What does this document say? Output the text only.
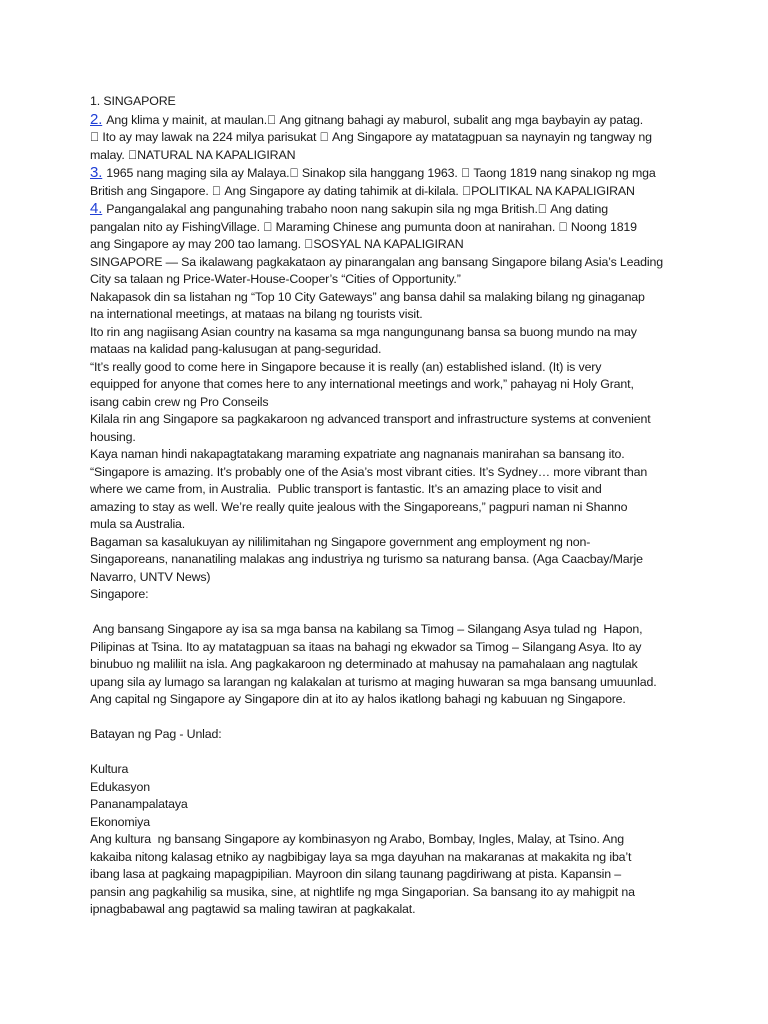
1. SINGAPORE
2. Ang klima y mainit, at maulan.  Ang gitnang bahagi ay maburol, subalit ang mga baybayin ay patag.
Ito ay may lawak na 224 milya parisukat   Ang Singapore ay matatagpuan sa naynayin ng tangway ng
malay.  NATURAL NA KAPALIGIRAN
3. 1965 nang maging sila ay Malaya.  Sinakop sila hanggang 1963.   Taong 1819 nang sinakop ng mga
British ang Singapore.   Ang Singapore ay dating tahimik at di-kilala.  POLITIKAL NA KAPALIGIRAN
4. Pangangalakal ang pangunahing trabaho noon nang sakupin sila ng mga British.  Ang dating
pangalan nito ay FishingVillage.   Maraming Chinese ang pumunta doon at nanirahan.   Noong 1819
ang Singapore ay may 200 tao lamang.  SOSYAL NA KAPALIGIRAN
SINGAPORE — Sa ikalawang pagkakataon ay pinarangalan ang bansang Singapore bilang Asia’s Leading
City sa talaan ng Price-Water-House-Cooper’s “Cities of Opportunity.”
Nakapasok din sa listahan ng “Top 10 City Gateways” ang bansa dahil sa malaking bilang ng ginaganap
na international meetings, at mataas na bilang ng tourists visit.
Ito rin ang nagiisang Asian country na kasama sa mga nangungunang bansa sa buong mundo na may
mataas na kalidad pang-kalusugan at pang-seguridad.
“It’s really good to come here in Singapore because it is really (an) established island. (It) is very
equipped for anyone that comes here to any international meetings and work,” pahayag ni Holy Grant,
isang cabin crew ng Pro Conseils
Kilala rin ang Singapore sa pagkakaroon ng advanced transport and infrastructure systems at convenient
housing.
Kaya naman hindi nakapagtatakang maraming expatriate ang nagnanais manirahan sa bansang ito.
“Singapore is amazing. It’s probably one of the Asia’s most vibrant cities. It’s Sydney… more vibrant than
where we came from, in Australia.  Public transport is fantastic. It’s an amazing place to visit and
amazing to stay as well. We’re really quite jealous with the Singaporeans,” pagpuri naman ni Shanno
mula sa Australia.
Bagaman sa kasalukuyan ay nililimitahan ng Singapore government ang employment ng non-
Singaporeans, nananatiling malakas ang industriya ng turismo sa naturang bansa. (Aga Caacbay/Marje
Navarro, UNTV News)
Singapore:
Ang bansang Singapore ay isa sa mga bansa na kabilang sa Timog – Silangang Asya tulad ng  Hapon,
Pilipinas at Tsina. Ito ay matatagpuan sa itaas na bahagi ng ekwador sa Timog – Silangang Asya. Ito ay
binubuo ng maliliit na isla. Ang pagkakaroon ng determinado at mahusay na pamahalaan ang nagtulak
upang sila ay lumago sa larangan ng kalakalan at turismo at maging huwaran sa mga bansang umuunlad.
Ang capital ng Singapore ay Singapore din at ito ay halos ikatlong bahagi ng kabuuan ng Singapore.
Batayan ng Pag - Unlad:
Kultura
Edukasyon
Pananampalataya
Ekonomiya
Ang kultura  ng bansang Singapore ay kombinasyon ng Arabo, Bombay, Ingles, Malay, at Tsino. Ang
kakaiba nitong kalasag etniko ay nagbibigay laya sa mga dayuhan na makaranas at makakita ng iba’t
ibang lasa at pagkaing mapagpipilian. Mayroon din silang taunang pagdiriwang at pista. Kapansin –
pansin ang pagkahilig sa musika, sine, at nightlife ng mga Singaporian. Sa bansang ito ay mahigpit na
ipnagbabawal ang pagtawid sa maling tawiran at pagkakalat.
